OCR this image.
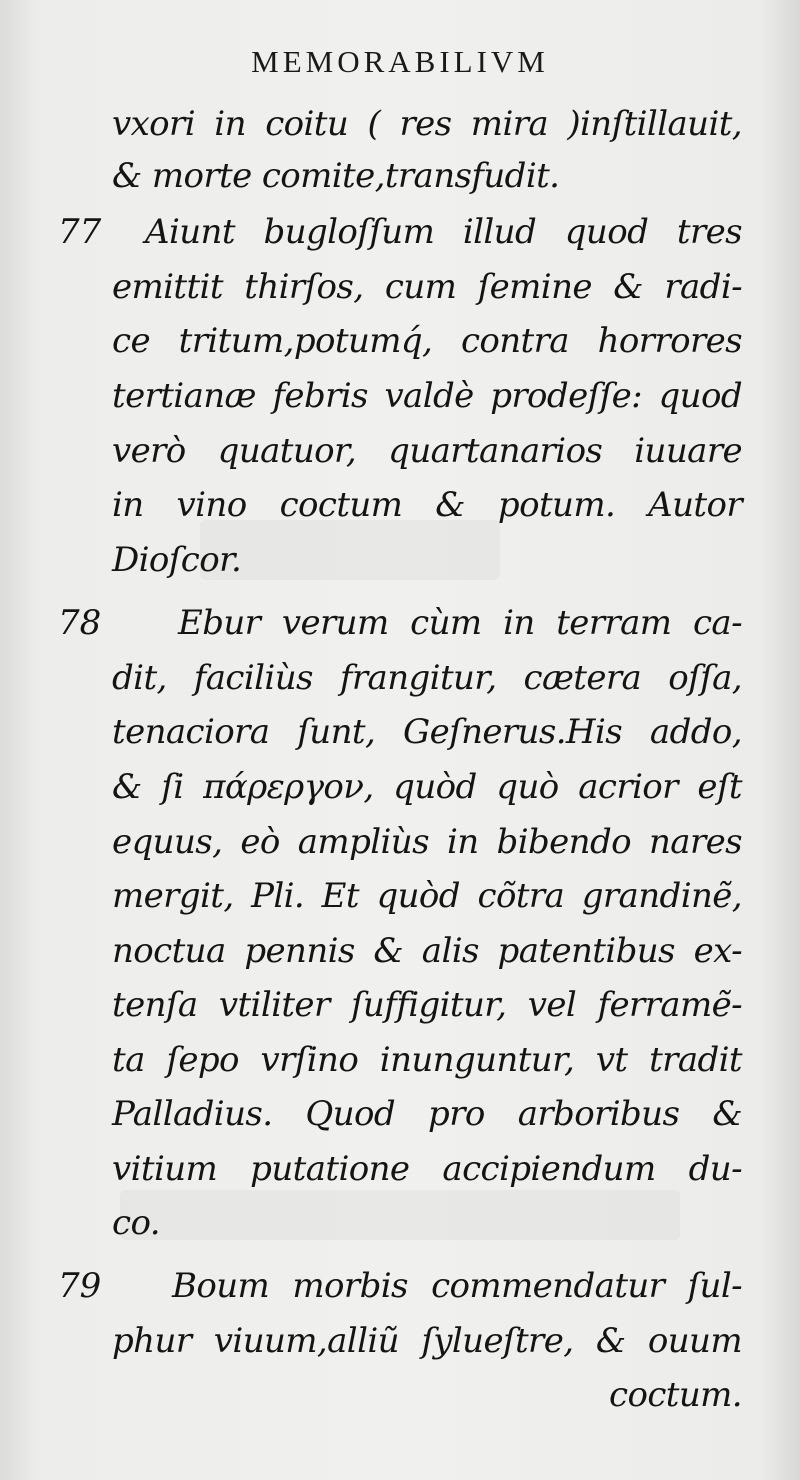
MEMORABILIVM
vxori in coitu ( res mira )inſtillauit,
& morte comite,transfudit.
77 Aiunt bugloſſum illud quod tres
emittit thirſos, cum ſemine & radi-
ce tritum,potumq́, contra horrores
tertianæ febris valdè prodeſſe: quod
verò quatuor, quartanarios iuuare
in vino coctum & potum. Autor
Dioſcor.
78 Ebur verum cùm in terram ca-
dit, faciliùs frangitur, cætera oſſa,
tenaciora ſunt, Geſnerus.His addo,
& ſi πάρεργον, quòd quò acrior eſt
equus, eò ampliùs in bibendo nares
mergit, Pli. Et quòd cõtra grandinẽ,
noctua pennis & alis patentibus ex-
tenſa vtiliter ſuffigitur, vel ferramẽ-
ta ſepo vrſino inunguntur, vt tradit
Palladius. Quod pro arboribus &
vitium putatione accipiendum du-
co.
79 Boum morbis commendatur ſul-
phur viuum,alliũ ſylueſtre, & ouum
coctum.
